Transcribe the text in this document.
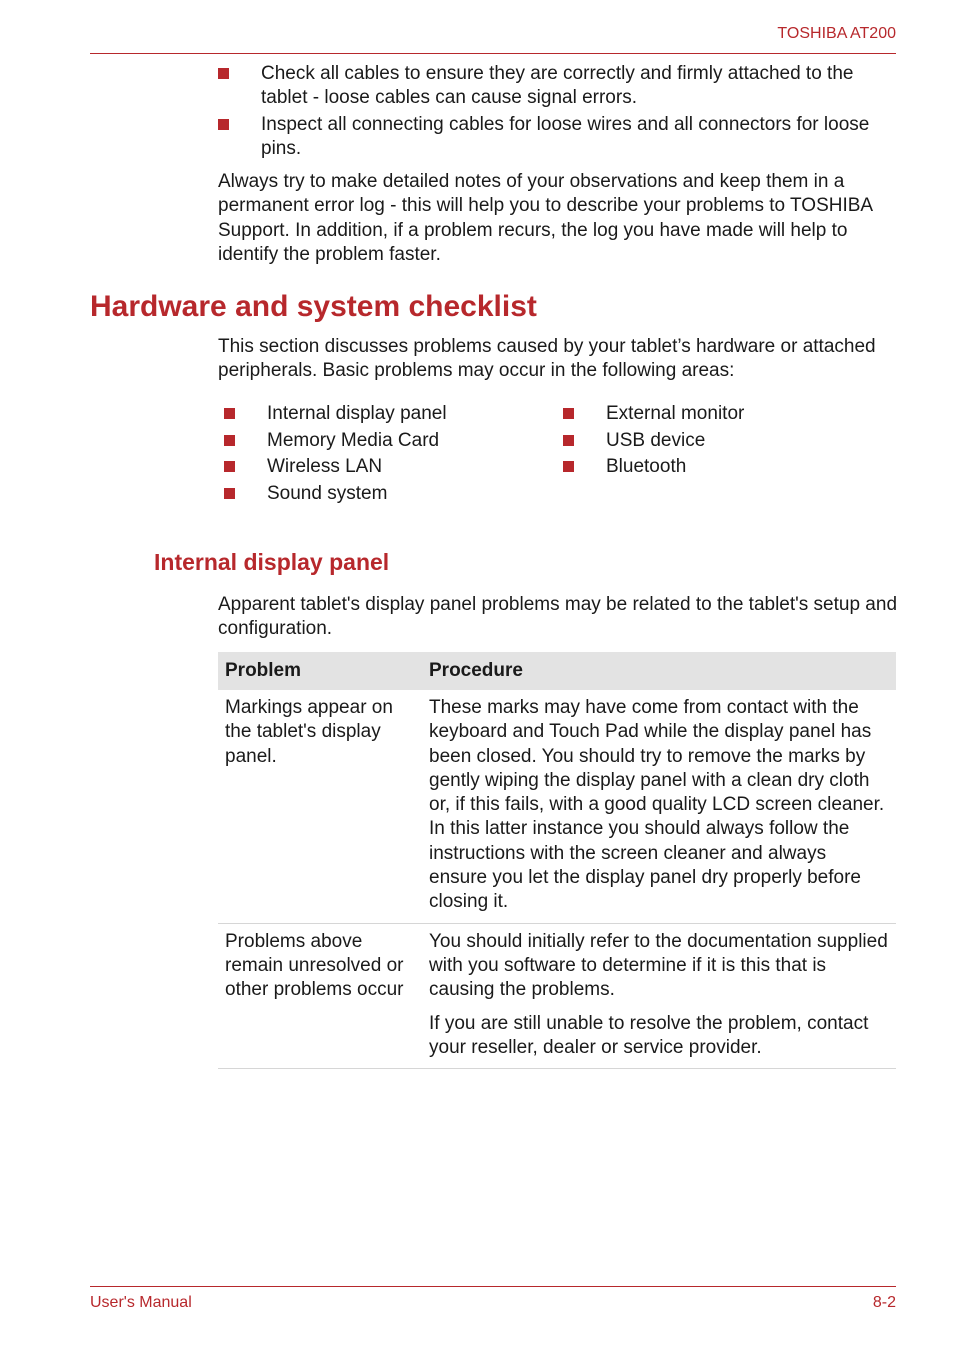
TOSHIBA AT200
Check all cables to ensure they are correctly and firmly attached to the tablet - loose cables can cause signal errors.
Inspect all connecting cables for loose wires and all connectors for loose pins.

Always try to make detailed notes of your observations and keep them in a permanent error log - this will help you to describe your problems to TOSHIBA Support. In addition, if a problem recurs, the log you have made will help to identify the problem faster.

Hardware and system checklist

This section discusses problems caused by your tablet’s hardware or attached peripherals. Basic problems may occur in the following areas:

Internal display panel
Memory Media Card
Wireless LAN
Sound system
External monitor
USB device
Bluetooth
Internal display panel

Apparent tablet's display panel problems may be related to the tablet's setup and configuration.

Problem	Procedure
Markings appear on the tablet's display panel.	These marks may have come from contact with the keyboard and Touch Pad while the display panel has been closed. You should try to remove the marks by gently wiping the display panel with a clean dry cloth or, if this fails, with a good quality LCD screen cleaner. In this latter instance you should always follow the instructions with the screen cleaner and always ensure you let the display panel dry properly before closing it.

Problems above remain unresolved or other problems occur	You should initially refer to the documentation supplied with you software to determine if it is this that is causing the problems.

If you are still unable to resolve the problem, contact your reseller, dealer or service provider.

User's Manual	8-2
